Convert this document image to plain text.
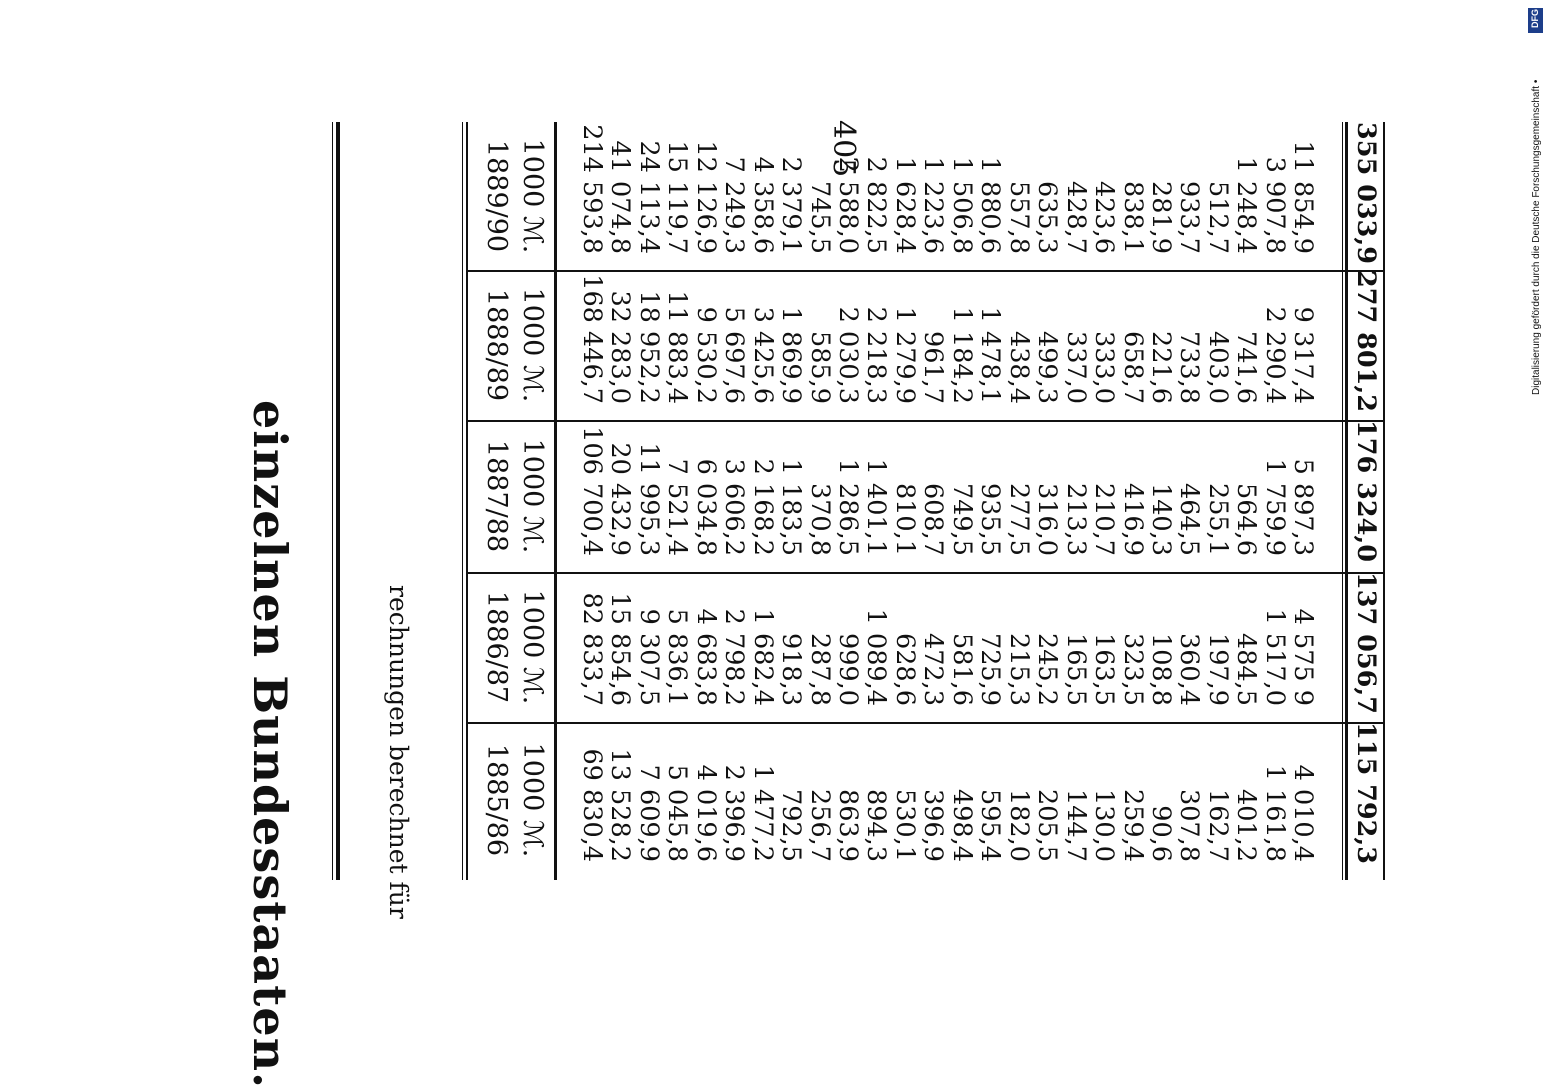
405
einzelnen Bundesstaaten.	rechnungen berechnet für	1885/86 1000 ℳ. 69 830,4
13 528,2
7 609,9
5 045,8
4 019,6
2 396,9
1 477,2
792,5
256,7
863,9
894,3
530,1
396,9
498,4
595,4
182,0
205,5
144,7
130,0
259,4
90,6
307,8
162,7
401,2
1 161,8
4 010,4 115 792,3
1886/87 1000 ℳ. 82 833,7
15 854,6
9 307,5
5 836,1
4 683,8
2 798,2
1 682,4
918,3
287,8
999,0
1 089,4
628,6
472,3
581,6
725,9
215,3
245,2
165,5
163,5
323,5
108,8
360,4
197,9
484,5
1 517,0
4 575 9 137 056,7
1887/88 1000 ℳ. 106 700,4
20 432,9
11 995,3
7 521,4
6 034,8
3 606,2
2 168,2
1 183,5
370,8
1 286,5
1 401,1
810,1
608,7
749,5
935,5
277,5
316,0
213,3
210,7
416,9
140,3
464,5
255,1
564,6
1 759,9
5 897,3 176 324,0
1888/89 1000 ℳ. 168 446,7
32 283,0
18 952,2
11 883,4
9 530,2
5 697,6
3 425,6
1 869,9
585,9
2 030,3
2 218,3
1 279,9
961,7
1 184,2
1 478,1
438,4
499,3
337,0
333,0
658,7
221,6
733,8
403,0
741,6
2 290,4
9 317,4 277 801,2
1889/90 1000 ℳ. 214 593,8
41 074,8
24 113,4
15 119,7
12 126,9
7 249,3
4 358,6
2 379,1
745,5
2 588,0
2 822,5
1 628,4
1 223,6
1 506,8
1 880,6
557,8
635,3
428,7
423,6
838,1
281,9
933,7
512,7
1 248,4
3 907,8
11 854,9 355 033,9
DFG
Digitalisierung gefördert durch die Deutsche Forschungsgemeinschaft •
